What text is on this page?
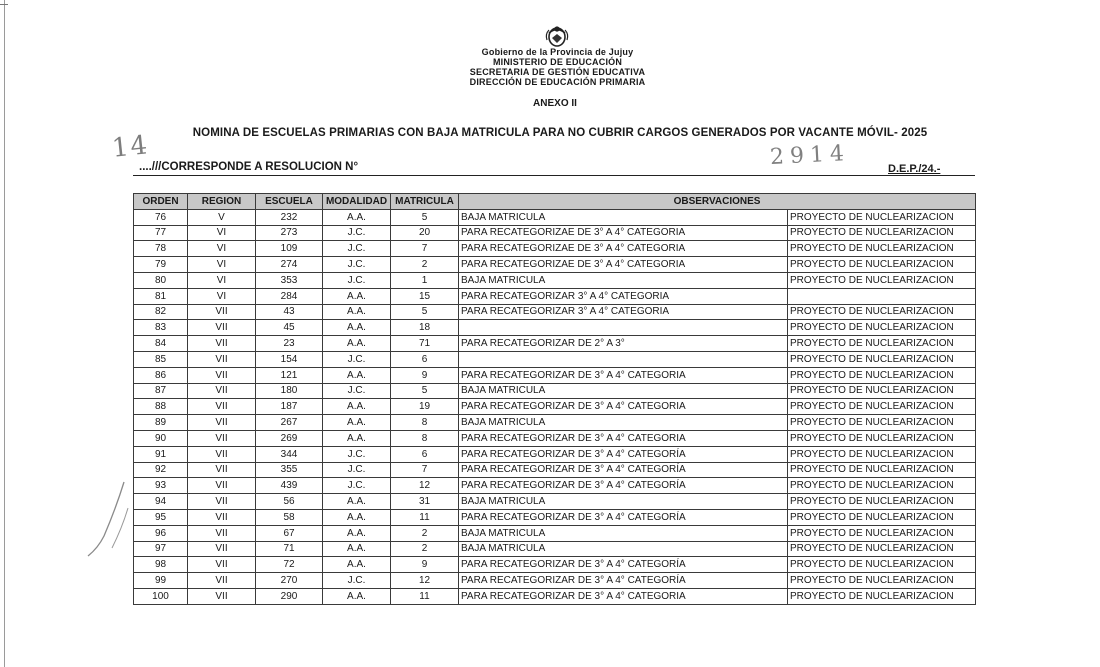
Gobierno de la Provincia de Jujuy
MINISTERIO DE EDUCACIÓN
SECRETARIA DE GESTIÓN EDUCATIVA
DIRECCIÓN DE EDUCACIÓN PRIMARIA
ANEXO II
NOMINA DE ESCUELAS PRIMARIAS CON BAJA MATRICULA PARA NO CUBRIR CARGOS GENERADOS POR VACANTE MÓVIL- 2025
14	2914
....///CORRESPONDE A RESOLUCION N°	D.E.P./24.-
ORDEN	REGION	ESCUELA	MODALIDAD	MATRICULA	OBSERVACIONES	
76	V	232	A.A.	5	BAJA MATRICULA	PROYECTO DE NUCLEARIZACION
77	VI	273	J.C.	20	PARA RECATEGORIZAE DE 3° A 4° CATEGORIA	PROYECTO DE NUCLEARIZACION
78	VI	109	J.C.	7	PARA RECATEGORIZAE DE 3° A 4° CATEGORIA	PROYECTO DE NUCLEARIZACION
79	VI	274	J.C.	2	PARA RECATEGORIZAE DE 3° A 4° CATEGORIA	PROYECTO DE NUCLEARIZACION
80	VI	353	J.C.	1	BAJA MATRICULA	PROYECTO DE NUCLEARIZACION
81	VI	284	A.A.	15	PARA RECATEGORIZAR 3° A 4° CATEGORIA	
82	VII	43	A.A.	5	PARA RECATEGORIZAR 3° A 4° CATEGORIA	PROYECTO DE NUCLEARIZACION
83	VII	45	A.A.	18		PROYECTO DE NUCLEARIZACION
84	VII	23	A.A.	71	PARA RECATEGORIZAR DE 2° A 3°	PROYECTO DE NUCLEARIZACION
85	VII	154	J.C.	6		PROYECTO DE NUCLEARIZACION
86	VII	121	A.A.	9	PARA RECATEGORIZAR DE 3° A 4° CATEGORIA	PROYECTO DE NUCLEARIZACION
87	VII	180	J.C.	5	BAJA MATRICULA	PROYECTO DE NUCLEARIZACION
88	VII	187	A.A.	19	PARA RECATEGORIZAR DE 3° A 4° CATEGORIA	PROYECTO DE NUCLEARIZACION
89	VII	267	A.A.	8	BAJA MATRICULA	PROYECTO DE NUCLEARIZACION
90	VII	269	A.A.	8	PARA RECATEGORIZAR DE 3° A 4° CATEGORIA	PROYECTO DE NUCLEARIZACION
91	VII	344	J.C.	6	PARA RECATEGORIZAR DE 3° A 4° CATEGORÍA	PROYECTO DE NUCLEARIZACION
92	VII	355	J.C.	7	PARA RECATEGORIZAR DE 3° A 4° CATEGORÍA	PROYECTO DE NUCLEARIZACION
93	VII	439	J.C.	12	PARA RECATEGORIZAR DE 3° A 4° CATEGORÍA	PROYECTO DE NUCLEARIZACION
94	VII	56	A.A.	31	BAJA MATRICULA	PROYECTO DE NUCLEARIZACION
95	VII	58	A.A.	11	PARA RECATEGORIZAR DE 3° A 4° CATEGORÍA	PROYECTO DE NUCLEARIZACION
96	VII	67	A.A.	2	BAJA MATRICULA	PROYECTO DE NUCLEARIZACION
97	VII	71	A.A.	2	BAJA MATRICULA	PROYECTO DE NUCLEARIZACION
98	VII	72	A.A.	9	PARA RECATEGORIZAR DE 3° A 4° CATEGORÍA	PROYECTO DE NUCLEARIZACION
99	VII	270	J.C.	12	PARA RECATEGORIZAR DE 3° A 4° CATEGORÍA	PROYECTO DE NUCLEARIZACION
100	VII	290	A.A.	11	PARA RECATEGORIZAR DE 3° A 4° CATEGORIA	PROYECTO DE NUCLEARIZACION
